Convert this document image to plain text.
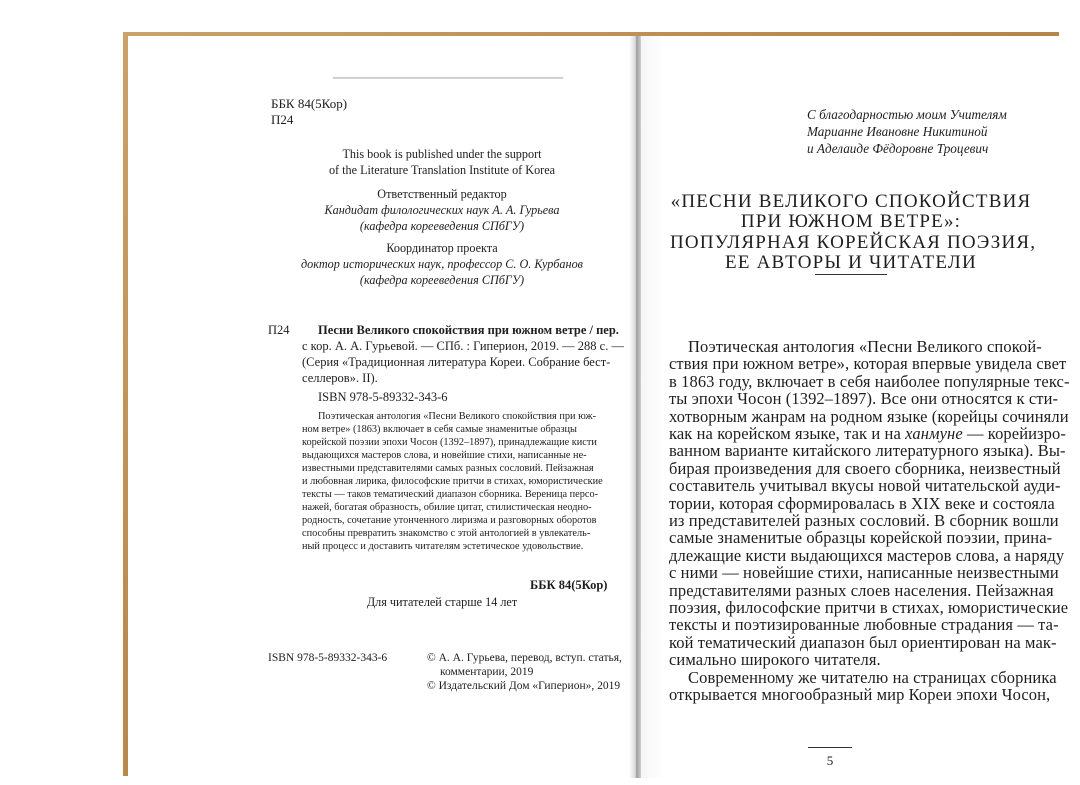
▔▔▔▔▔▔▔▔▔▔▔▔▔▔▔▔▔▔▔▔▔▔▔

ББК 84(5Кор)
П24
This book is published under the support
of the Literature Translation Institute of Korea
Ответственный редактор
Кандидат филологических наук А. А. Гурьева
(кафедра корееведения СПбГУ)
Координатор проекта
доктор исторических наук, профессор С. О. Курбанов
(кафедра корееведения СПбГУ)
П24 Песни Великого спокойствия при южном ветре / пер.
с кор. А. А. Гурьевой. — СПб. : Гиперион, 2019. — 288 с. —
(Серия «Традиционная литература Кореи. Собрание бест-
селлеров». II).
ISBN 978-5-89332-343-6
Поэтическая антология «Песни Великого спокойствия при юж-
ном ветре» (1863) включает в себя самые знаменитые образцы
корейской поэзии эпохи Чосон (1392–1897), принадлежащие кисти
выдающихся мастеров слова, и новейшие стихи, написанные не-
известными представителями самых разных сословий. Пейзажная
и любовная лирика, философские притчи в стихах, юмористические
тексты — таков тематический диапазон сборника. Вереница персо-
нажей, богатая образность, обилие цитат, стилистическая неодно-
родность, сочетание утонченного лиризма и разговорных оборотов
способны превратить знакомство с этой антологией в увлекатель-
ный процесс и доставить читателям эстетическое удовольствие.
ББК 84(5Кор)
Для читателей старше 14 лет
ISBN 978-5-89332-343-6	© А. А. Гурьева, перевод, вступ. статья,
комментарии, 2019
© Издательский Дом «Гиперион», 2019
С благодарностью моим Учителям
Марианне Ивановне Никитиной
и Аделаиде Фёдоровне Троцевич
«ПЕСНИ ВЕЛИКОГО СПОКОЙСТВИЯ
ПРИ ЮЖНОМ ВЕТРЕ»:
ПОПУЛЯРНАЯ КОРЕЙСКАЯ ПОЭЗИЯ,
ЕЕ АВТОРЫ И ЧИТАТЕЛИ
Поэтическая антология «Песни Великого спокой-
ствия при южном ветре», которая впервые увидела свет
в 1863 году, включает в себя наиболее популярные текс-
ты эпохи Чосон (1392–1897). Все они относятся к сти-
хотворным жанрам на родном языке (корейцы сочиняли
как на корейском языке, так и на ханмуне — корейизро-
ванном варианте китайского литературного языка). Вы-
бирая произведения для своего сборника, неизвестный
составитель учитывал вкусы новой читательской ауди-
тории, которая сформировалась в XIX веке и состояла
из представителей разных сословий. В сборник вошли
самые знаменитые образцы корейской поэзии, прина-
длежащие кисти выдающихся мастеров слова, а наряду
с ними — новейшие стихи, написанные неизвестными
представителями разных слоев населения. Пейзажная
поэзия, философские притчи в стихах, юмористические
тексты и поэтизированные любовные страдания — та-
кой тематический диапазон был ориентирован на мак-
симально широкого читателя.
Современному же читателю на страницах сборника
открывается многообразный мир Кореи эпохи Чосон,
5
